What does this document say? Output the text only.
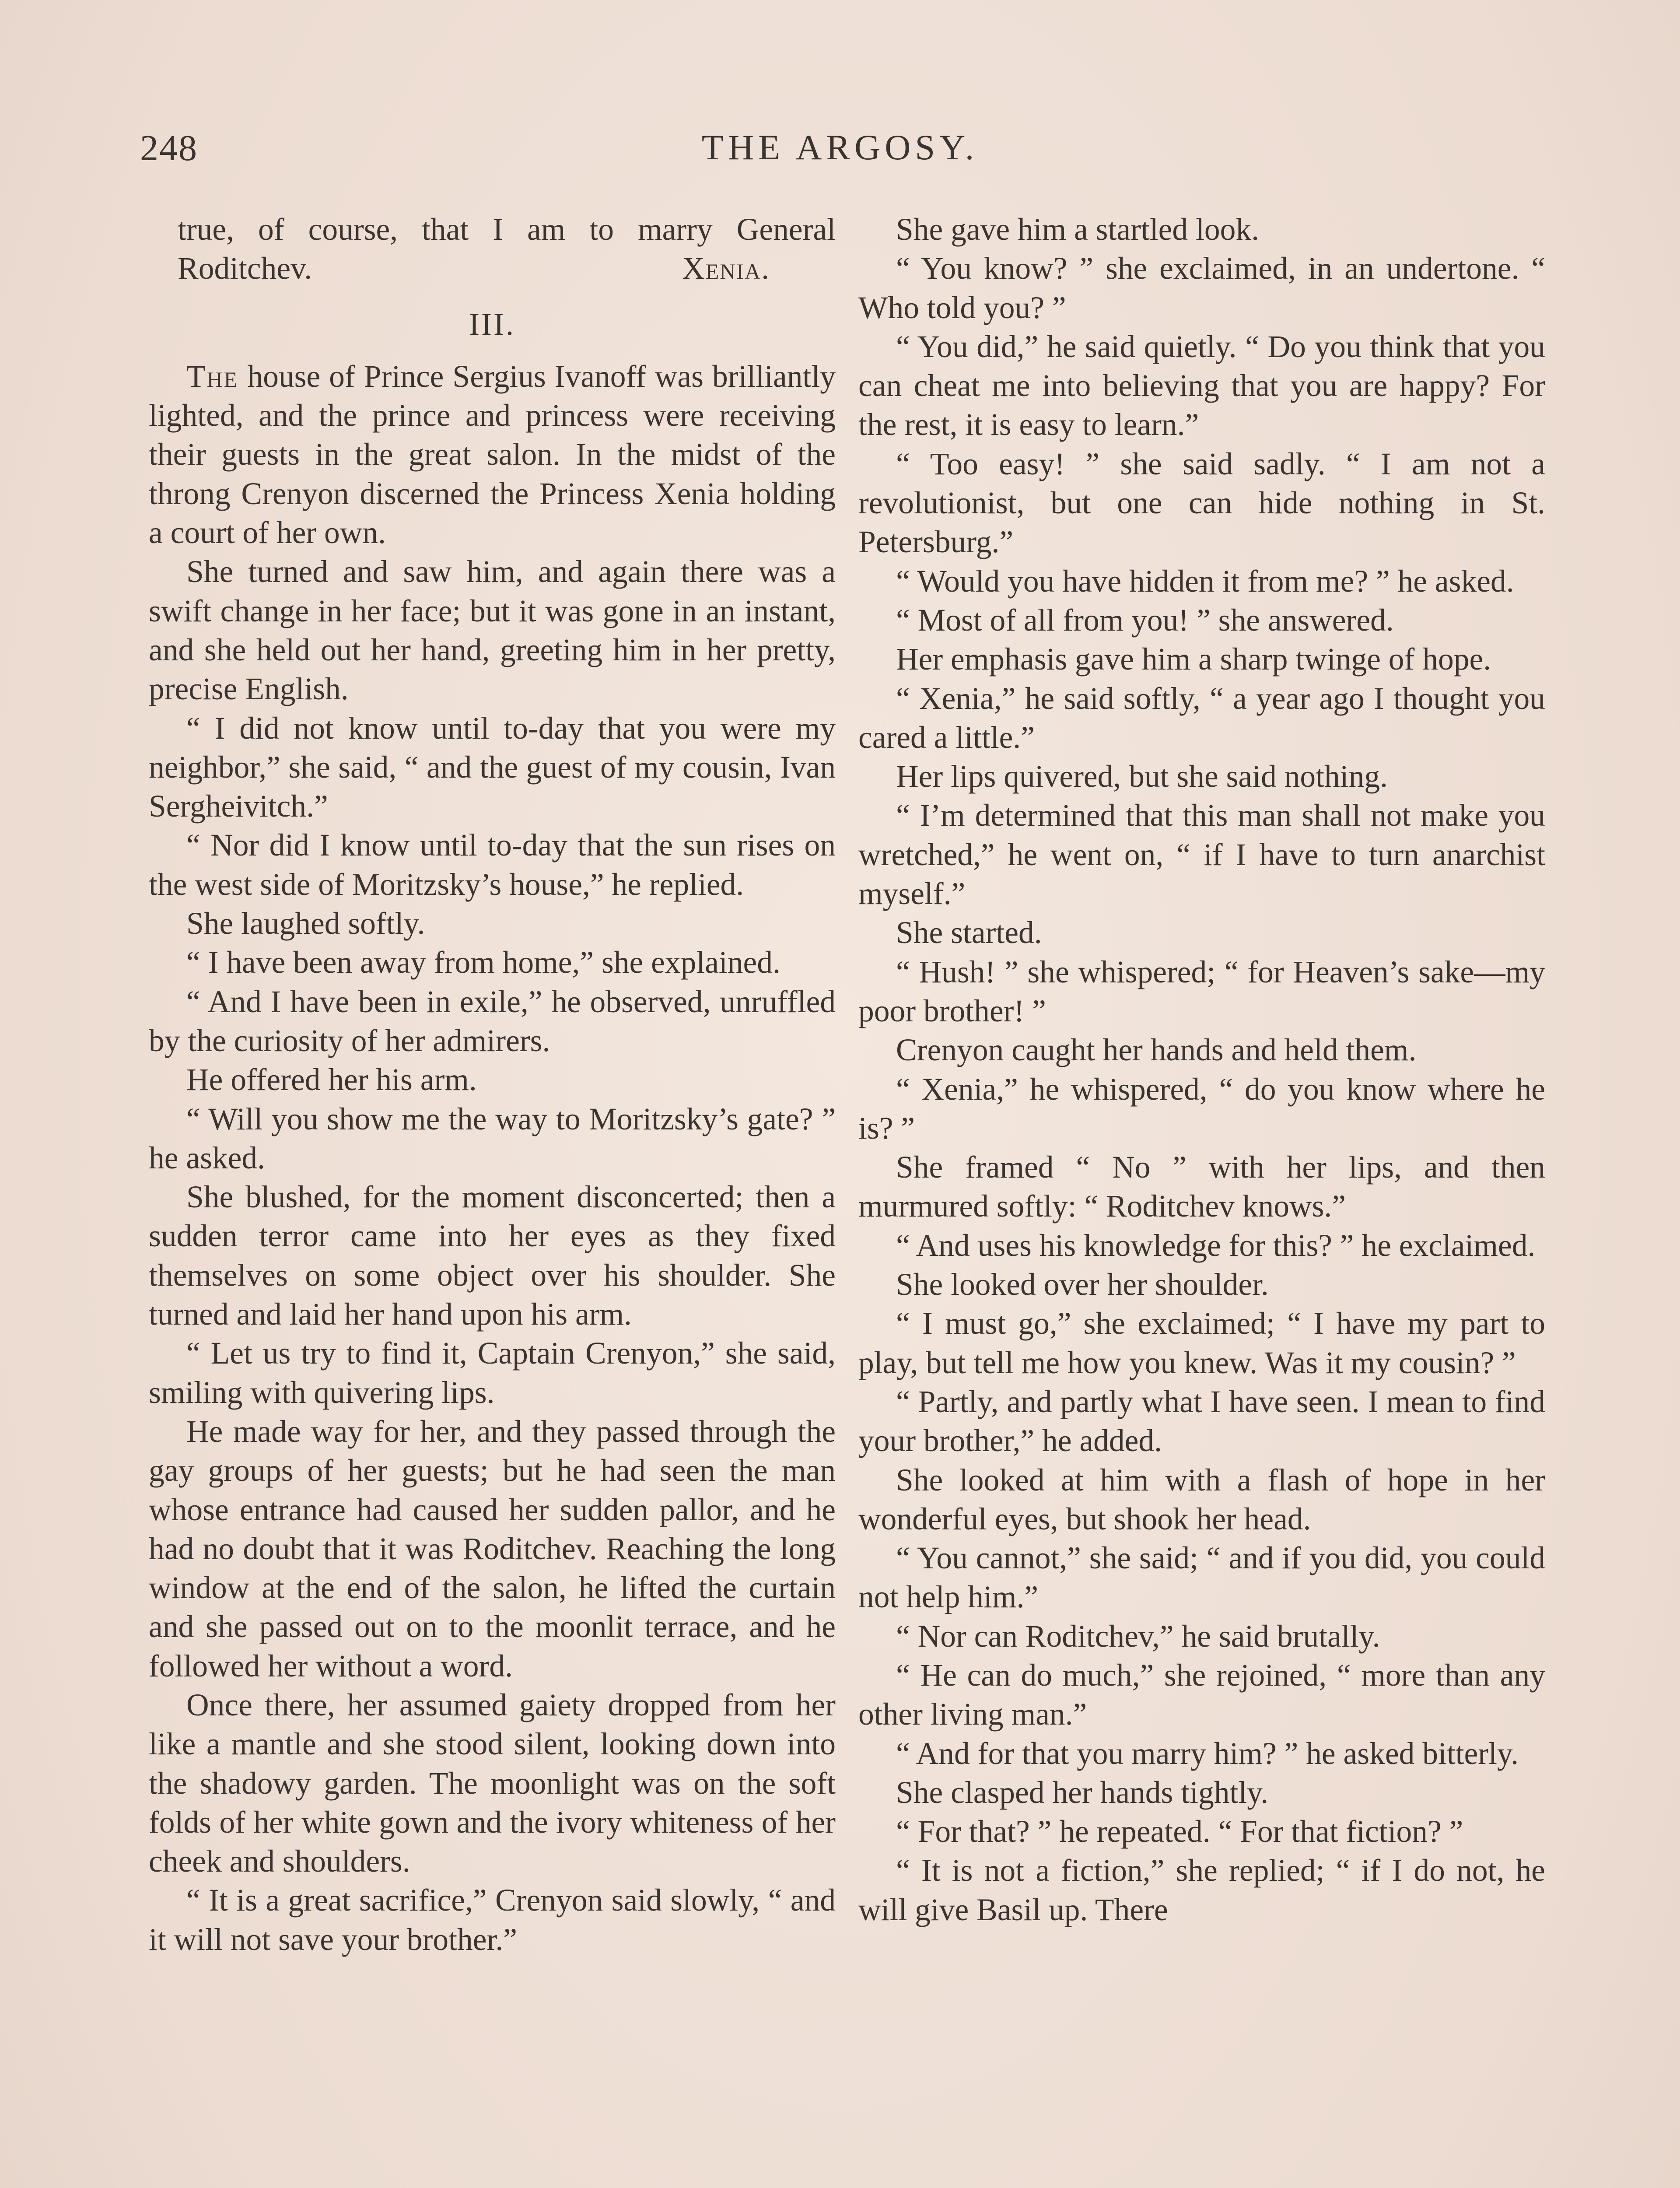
248	THE ARGOSY.

true, of course, that I am to marry General Roditchev.	Xenia.

III.

The house of Prince Sergius Ivanoff was brilliantly lighted, and the prince and princess were receiving their guests in the great salon. In the midst of the throng Crenyon discerned the Princess Xenia holding a court of her own.

She turned and saw him, and again there was a swift change in her face; but it was gone in an instant, and she held out her hand, greeting him in her pretty, precise English.

“ I did not know until to-day that you were my neighbor,” she said, “ and the guest of my cousin, Ivan Sergheivitch.”

“ Nor did I know until to-day that the sun rises on the west side of Moritzsky’s house,” he replied.

She laughed softly.

“ I have been away from home,” she explained.

“ And I have been in exile,” he observed, unruffled by the curiosity of her admirers.

He offered her his arm.

“ Will you show me the way to Moritzsky’s gate? ” he asked.

She blushed, for the moment disconcerted; then a sudden terror came into her eyes as they fixed themselves on some object over his shoulder. She turned and laid her hand upon his arm.

“ Let us try to find it, Captain Crenyon,” she said, smiling with quivering lips.

He made way for her, and they passed through the gay groups of her guests; but he had seen the man whose entrance had caused her sudden pallor, and he had no doubt that it was Roditchev. Reaching the long window at the end of the salon, he lifted the curtain and she passed out on to the moonlit terrace, and he followed her without a word.

Once there, her assumed gaiety dropped from her like a mantle and she stood silent, looking down into the shadowy garden. The moonlight was on the soft folds of her white gown and the ivory whiteness of her cheek and shoulders.

“ It is a great sacrifice,” Crenyon said slowly, “ and it will not save your brother.”

She gave him a startled look.

“ You know? ” she exclaimed, in an undertone. “ Who told you? ”

“ You did,” he said quietly. “ Do you think that you can cheat me into believing that you are happy? For the rest, it is easy to learn.”

“ Too easy! ” she said sadly. “ I am not a revolutionist, but one can hide nothing in St. Petersburg.”

“ Would you have hidden it from me? ” he asked.

“ Most of all from you! ” she answered.

Her emphasis gave him a sharp twinge of hope.

“ Xenia,” he said softly, “ a year ago I thought you cared a little.”

Her lips quivered, but she said nothing.

“ I’m determined that this man shall not make you wretched,” he went on, “ if I have to turn anarchist myself.”

She started.

“ Hush! ” she whispered; “ for Heaven’s sake—my poor brother! ”

Crenyon caught her hands and held them.

“ Xenia,” he whispered, “ do you know where he is? ”

She framed “ No ” with her lips, and then murmured softly: “ Roditchev knows.”

“ And uses his knowledge for this? ” he exclaimed.

She looked over her shoulder.

“ I must go,” she exclaimed; “ I have my part to play, but tell me how you knew. Was it my cousin? ”

“ Partly, and partly what I have seen. I mean to find your brother,” he added.

She looked at him with a flash of hope in her wonderful eyes, but shook her head.

“ You cannot,” she said; “ and if you did, you could not help him.”

“ Nor can Roditchev,” he said brutally.

“ He can do much,” she rejoined, “ more than any other living man.”

“ And for that you marry him? ” he asked bitterly.

She clasped her hands tightly.

“ For that? ” he repeated. “ For that fiction? ”

“ It is not a fiction,” she replied; “ if I do not, he will give Basil up. There
